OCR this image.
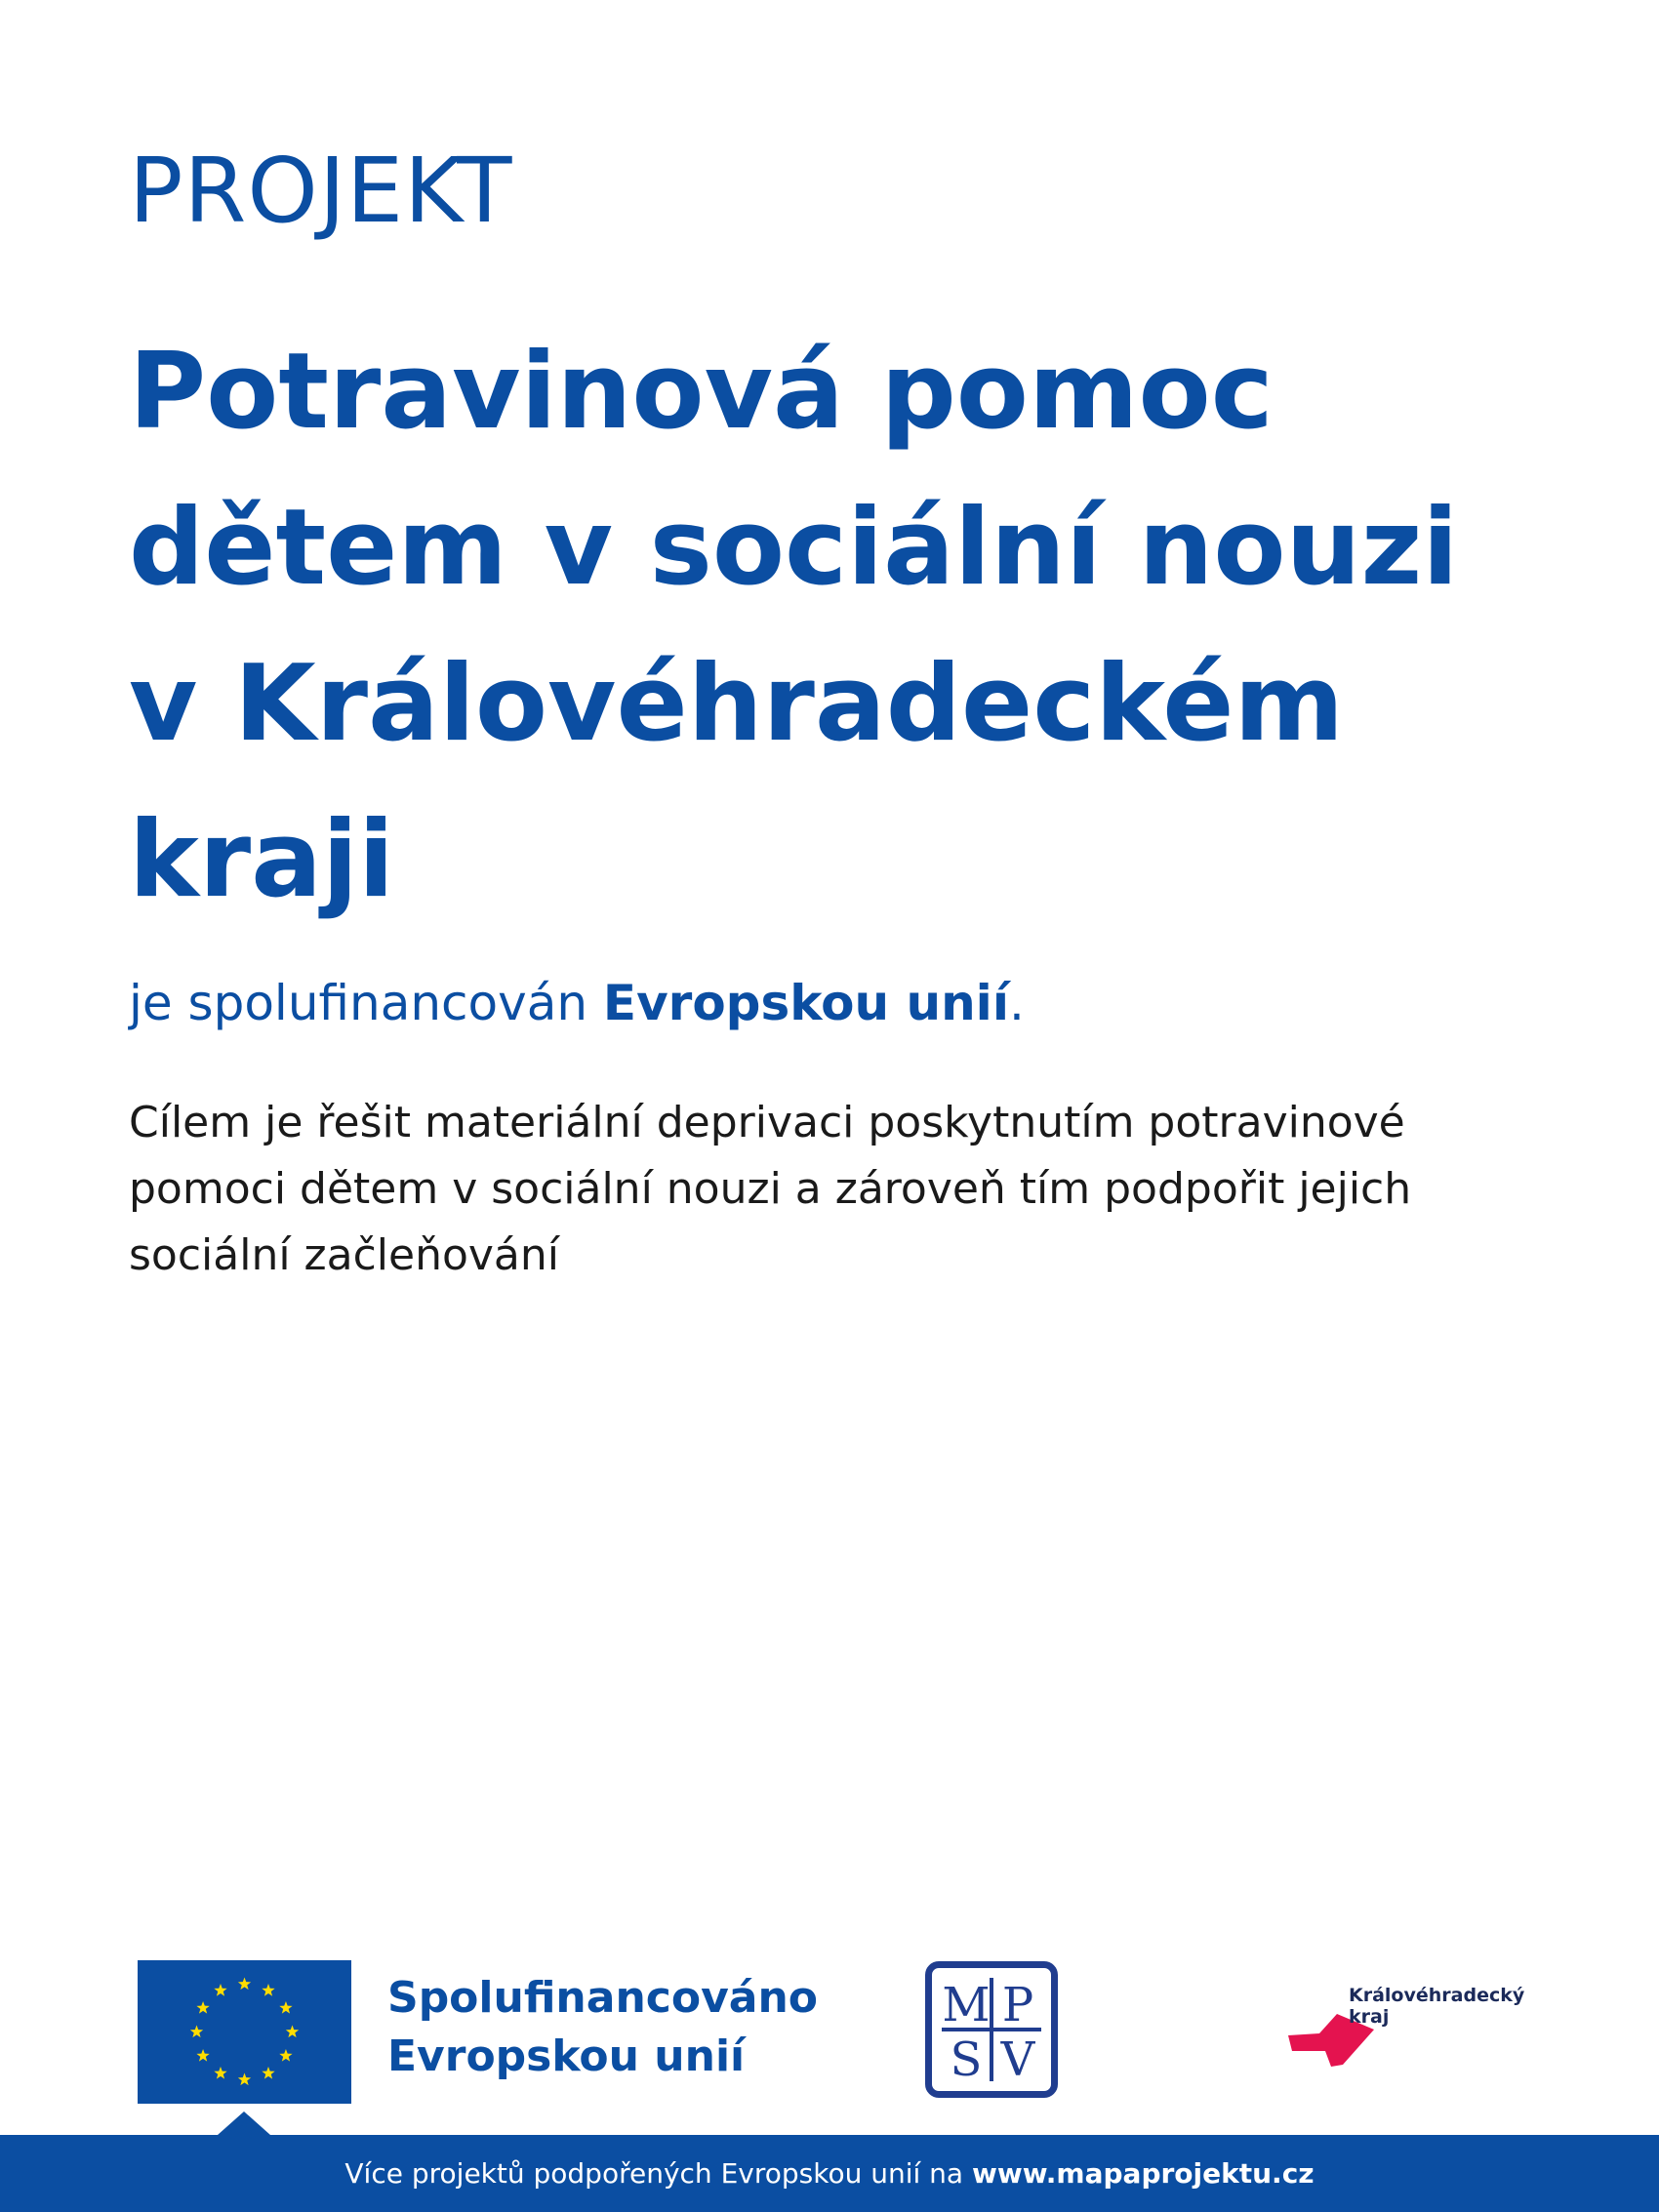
PROJEKT
Potravinová pomoc
dětem v sociální nouzi
v Královéhradeckém
kraji

je spolufinancován Evropskou unií.

Cílem je řešit materiální deprivaci poskytnutím potravinové
pomoci dětem v sociální nouzi a zároveň tím podpořit jejich
sociální začleňování

Spolufinancováno
Evropskou unií

M P
S V

Královéhradecký
kraj

Více projektů podpořených Evropskou unií na www.mapaprojektu.cz
